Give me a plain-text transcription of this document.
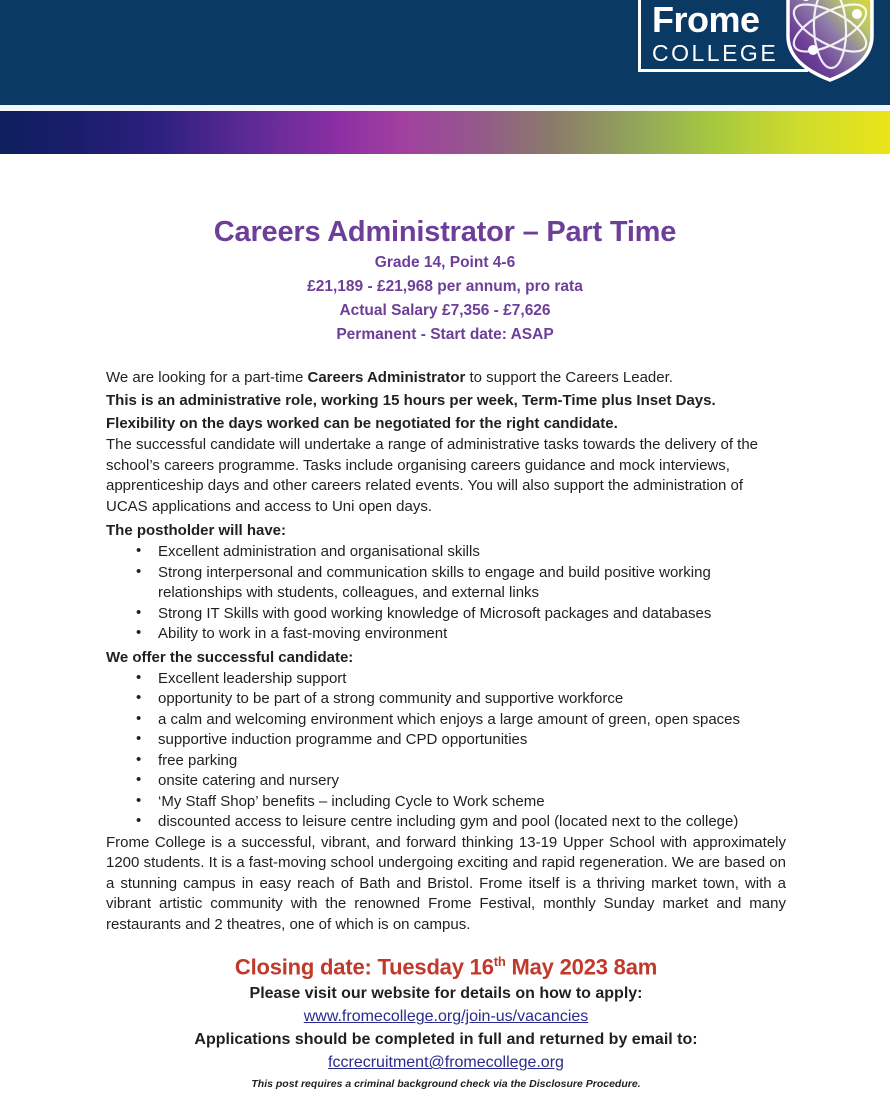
Frome
COLLEGE
Careers Administrator – Part Time
Grade 14, Point 4-6
£21,189 - £21,968 per annum, pro rata
Actual Salary £7,356 - £7,626
Permanent - Start date: ASAP

We are looking for a part-time Careers Administrator to support the Careers Leader.

This is an administrative role, working 15 hours per week, Term-Time plus Inset Days.

Flexibility on the days worked can be negotiated for the right candidate.

The successful candidate will undertake a range of administrative tasks towards the delivery of the school’s careers programme. Tasks include organising careers guidance and mock interviews, apprenticeship days and other careers related events. You will also support the administration of UCAS applications and access to Uni open days.

The postholder will have:
• Excellent administration and organisational skills
• Strong interpersonal and communication skills to engage and build positive working relationships with students, colleagues, and external links
• Strong IT Skills with good working knowledge of Microsoft packages and databases
• Ability to work in a fast-moving environment
We offer the successful candidate:
• Excellent leadership support
• opportunity to be part of a strong community and supportive workforce
• a calm and welcoming environment which enjoys a large amount of green, open spaces
• supportive induction programme and CPD opportunities
• free parking
• onsite catering and nursery
• ‘My Staff Shop’ benefits – including Cycle to Work scheme
• discounted access to leisure centre including gym and pool (located next to the college)

Frome College is a successful, vibrant, and forward thinking 13-19 Upper School with approximately 1200 students. It is a fast-moving school undergoing exciting and rapid regeneration. We are based on a stunning campus in easy reach of Bath and Bristol. Frome itself is a thriving market town, with a vibrant artistic community with the renowned Frome Festival, monthly Sunday market and many restaurants and 2 theatres, one of which is on campus.

Closing date: Tuesday 16th May 2023 8am
Please visit our website for details on how to apply:
www.fromecollege.org/join-us/vacancies
Applications should be completed in full and returned by email to:
fccrecruitment@fromecollege.org
This post requires a criminal background check via the Disclosure Procedure.
